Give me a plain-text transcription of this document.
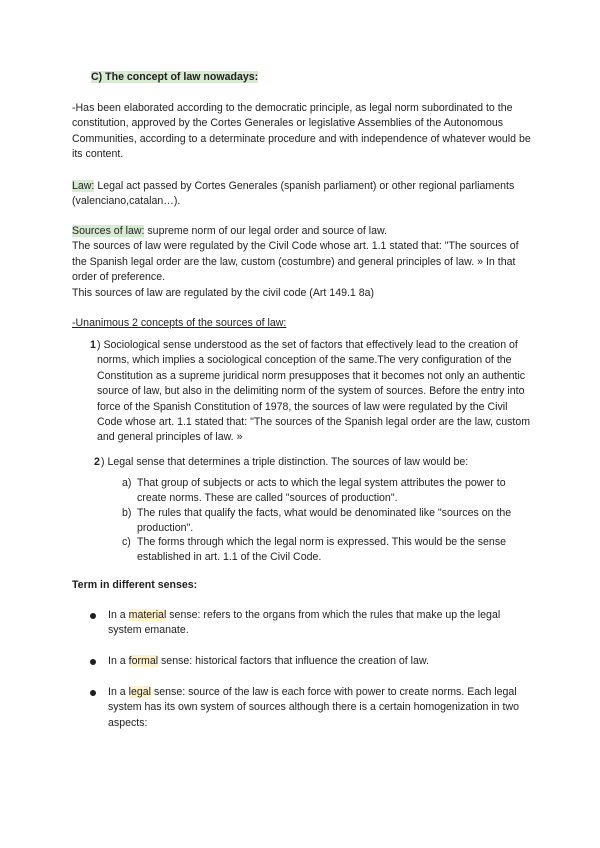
C) The concept of law nowadays:

-Has been elaborated according to the democratic principle, as legal norm subordinated to the constitution, approved by the Cortes Generales or legislative Assemblies of the Autonomous Communities, according to a determinate procedure and with independence of whatever would be its content.

Law: Legal act passed by Cortes Generales (spanish parliament) or other regional parliaments (valenciano,catalan…).

Sources of law: supreme norm of our legal order and source of law.
The sources of law were regulated by the Civil Code whose art. 1.1 stated that: "The sources of the Spanish legal order are the law, custom (costumbre) and general principles of law. » In that order of preference.
This sources of law are regulated by the civil code (Art 149.1 8a)

-Unanimous 2 concepts of the sources of law:

1 ) Sociological sense understood as the set of factors that effectively lead to the creation of norms, which implies a sociological conception of the same.The very configuration of the Constitution as a supreme juridical norm presupposes that it becomes not only an authentic source of law, but also in the delimiting norm of the system of sources. Before the entry into force of the Spanish Constitution of 1978, the sources of law were regulated by the Civil Code whose art. 1.1 stated that: "The sources of the Spanish legal order are the law, custom and general principles of law. »

2 ) Legal sense that determines a triple distinction. The sources of law would be:

a) That group of subjects or acts to which the legal system attributes the power to create norms. These are called "sources of production".

b) The rules that qualify the facts, what would be denominated like "sources on the production".

c) The forms through which the legal norm is expressed. This would be the sense established in art. 1.1 of the Civil Code.

Term in different senses:

In a material sense: refers to the organs from which the rules that make up the legal system emanate.

In a formal sense: historical factors that influence the creation of law.

In a legal sense: source of the law is each force with power to create norms. Each legal system has its own system of sources although there is a certain homogenization in two aspects:
